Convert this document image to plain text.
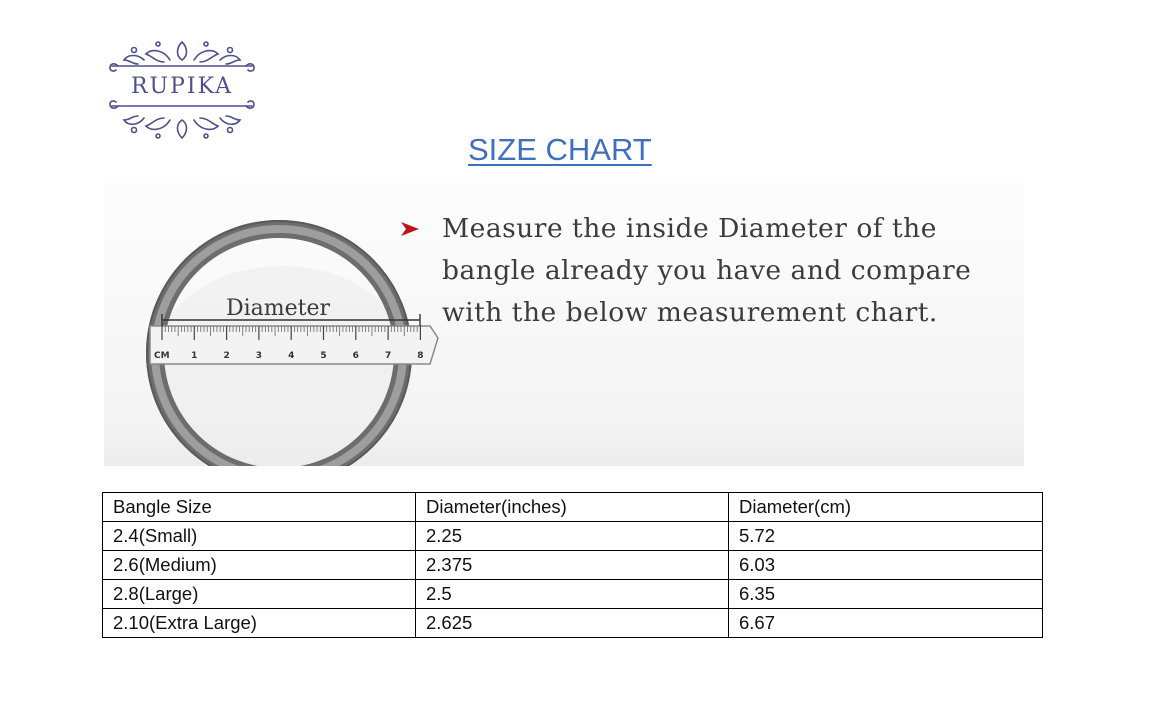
RUPIKA
SIZE CHART
Diameter
CM 1	2	3	4	5	6	7	8
Measure the inside Diameter of the
bangle already you have and compare
with the below measurement chart.
Bangle Size	Diameter(inches)	Diameter(cm)
2.4(Small)	2.25	5.72
2.6(Medium)	2.375	6.03
2.8(Large)	2.5	6.35
2.10(Extra Large)	2.625	6.67
